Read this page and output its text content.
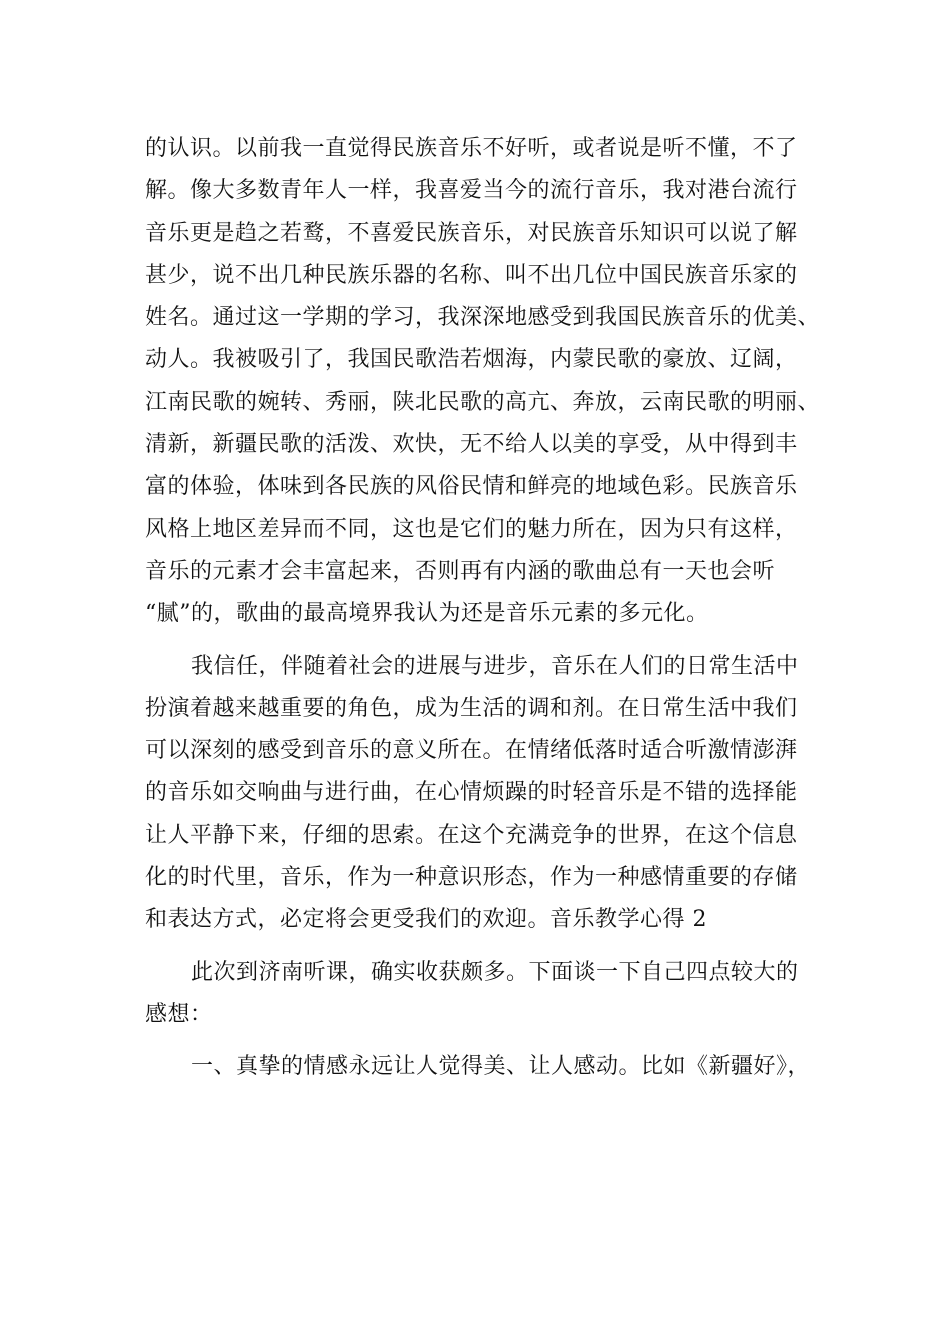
的认识。以前我一直觉得民族音乐不好听，或者说是听不懂，不了
解。像大多数青年人一样，我喜爱当今的流行音乐，我对港台流行
音乐更是趋之若鹜，不喜爱民族音乐，对民族音乐知识可以说了解
甚少，说不出几种民族乐器的名称、叫不出几位中国民族音乐家的
姓名。通过这一学期的学习，我深深地感受到我国民族音乐的优美、
动人。我被吸引了，我国民歌浩若烟海，内蒙民歌的豪放、辽阔，
江南民歌的婉转、秀丽，陕北民歌的高亢、奔放，云南民歌的明丽、
清新，新疆民歌的活泼、欢快，无不给人以美的享受，从中得到丰
富的体验，体味到各民族的风俗民情和鲜亮的地域色彩。民族音乐
风格上地区差异而不同，这也是它们的魅力所在，因为只有这样，
音乐的元素才会丰富起来，否则再有内涵的歌曲总有一天也会听
“腻”的，歌曲的最高境界我认为还是音乐元素的多元化。
我信任，伴随着社会的进展与进步，音乐在人们的日常生活中
扮演着越来越重要的角色，成为生活的调和剂。在日常生活中我们
可以深刻的感受到音乐的意义所在。在情绪低落时适合听激情澎湃
的音乐如交响曲与进行曲，在心情烦躁的时轻音乐是不错的选择能
让人平静下来，仔细的思索。在这个充满竞争的世界，在这个信息
化的时代里，音乐，作为一种意识形态，作为一种感情重要的存储
和表达方式，必定将会更受我们的欢迎。音乐教学心得 2
此次到济南听课，确实收获颇多。下面谈一下自己四点较大的
感想：
一、真挚的情感永远让人觉得美、让人感动。比如《新疆好》，
